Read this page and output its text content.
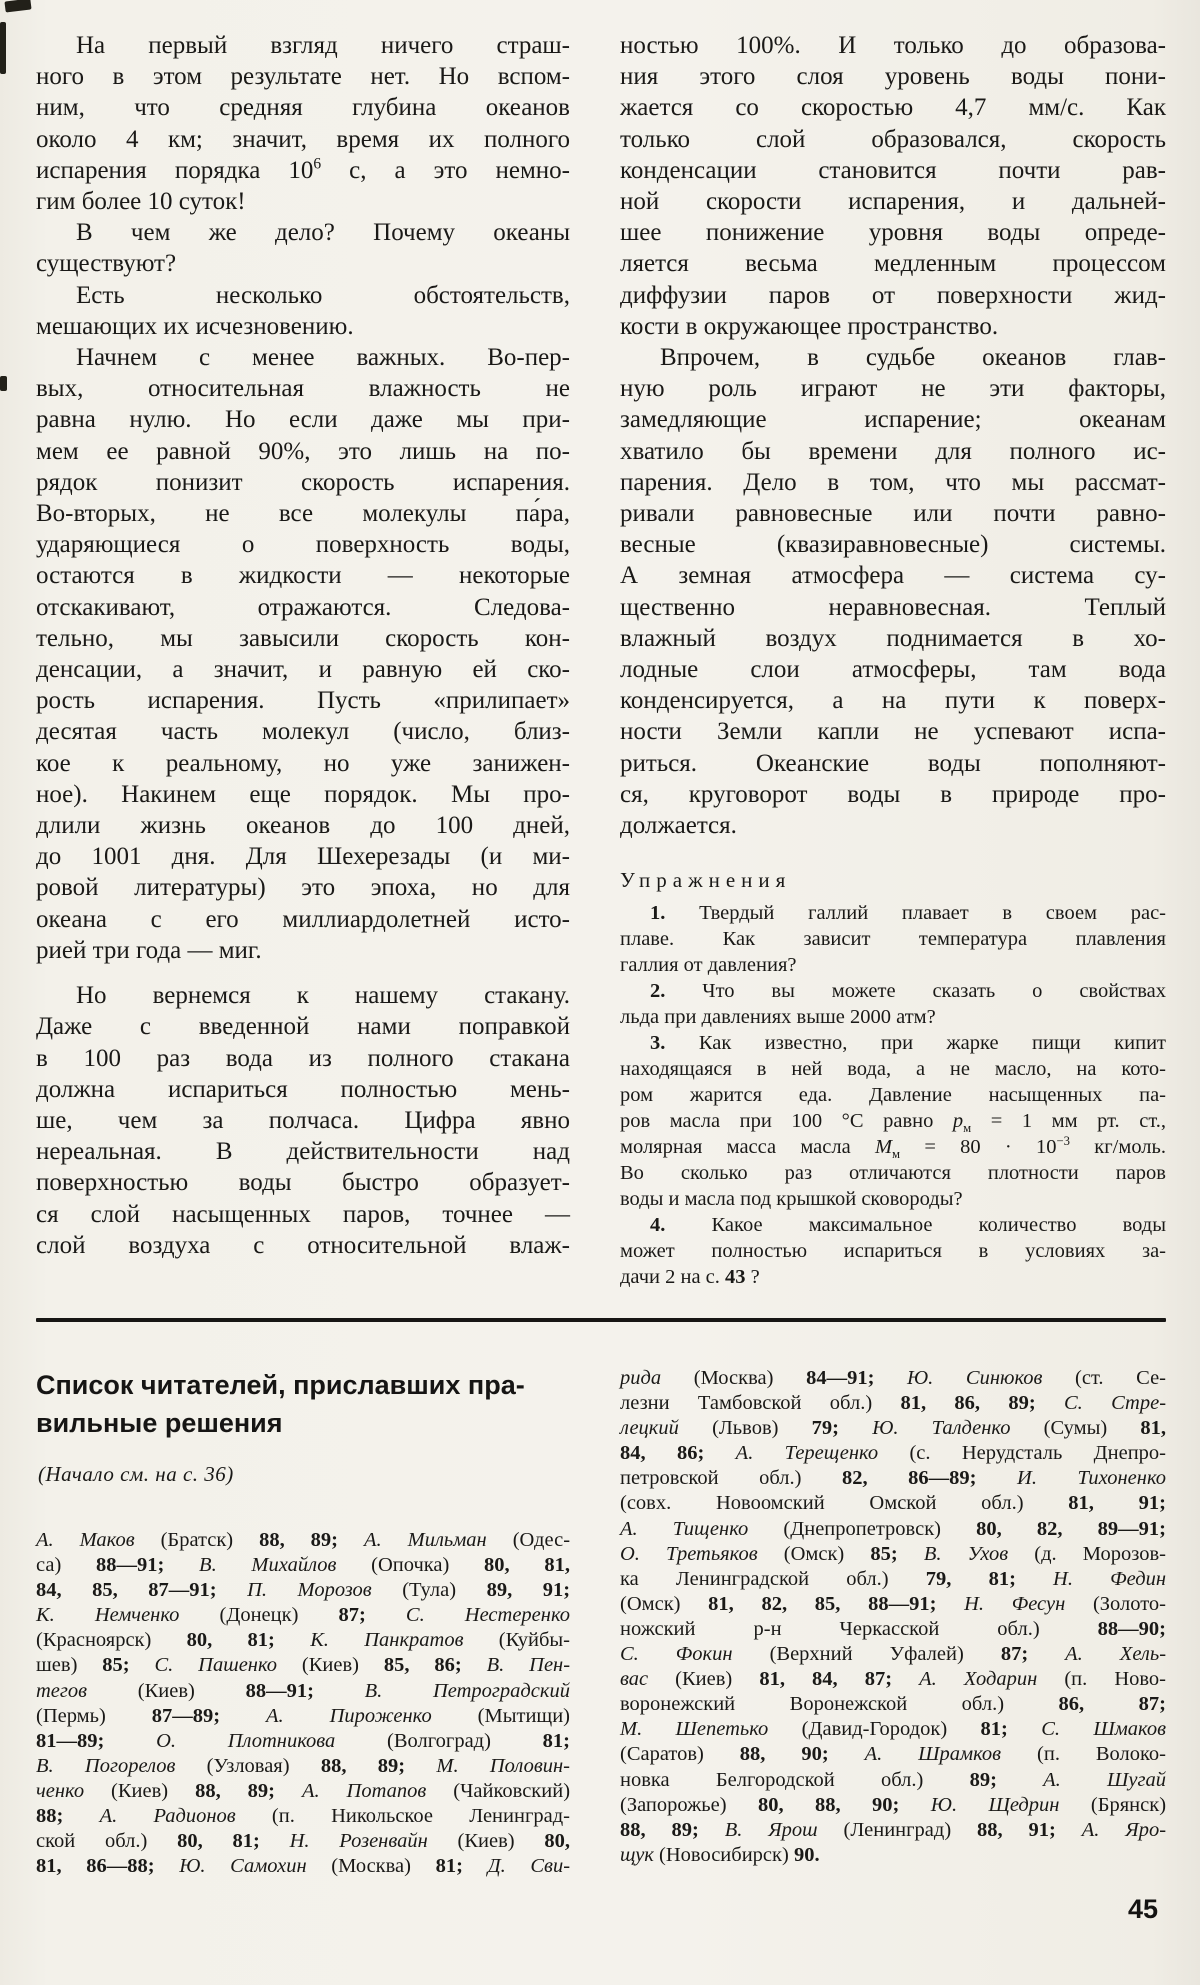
На первый взгляд ничего страш-
ного в этом результате нет. Но вспом-
ним, что средняя глубина океанов
около 4 км; значит, время их полного
испарения порядка $10^6$ с, а это немно-
гим более 10 суток!
В чем же дело? Почему океаны
существуют?
Есть несколько обстоятельств,
мешающих их исчезновению.
Начнем с менее важных. Во-пер-
вых, относительная влажность не
равна нулю. Но если даже мы при-
мем ее равной 90%, это лишь на по-
рядок понизит скорость испарения.
Во-вторых, не все молекулы па́ра,
ударяющиеся о поверхность воды,
остаются в жидкости — некоторые
отскакивают, отражаются. Следова-
тельно, мы завысили скорость кон-
денсации, а значит, и равную ей ско-
рость испарения. Пусть «прилипает»
десятая часть молекул (число, близ-
кое к реальному, но уже занижен-
ное). Накинем еще порядок. Мы про-
длили жизнь океанов до 100 дней,
до 1001 дня. Для Шехерезады (и ми-
ровой литературы) это эпоха, но для
океана с его миллиардолетней исто-
рией три года — миг.
Но вернемся к нашему стакану.
Даже с введенной нами поправкой
в 100 раз вода из полного стакана
должна испариться полностью мень-
ше, чем за полчаса. Цифра явно
нереальная. В действительности над
поверхностью воды быстро образует-
ся слой насыщенных паров, точнее —
слой воздуха с относительной влаж-
ностью 100%. И только до образова-
ния этого слоя уровень воды пони-
жается со скоростью 4,7 мм/с. Как
только слой образовался, скорость
конденсации становится почти рав-
ной скорости испарения, и дальней-
шее понижение уровня воды опреде-
ляется весьма медленным процессом
диффузии паров от поверхности жид-
кости в окружающее пространство.
Впрочем, в судьбе океанов глав-
ную роль играют не эти факторы,
замедляющие испарение; океанам
хватило бы времени для полного ис-
парения. Дело в том, что мы рассмат-
ривали равновесные или почти равно-
весные (квазиравновесные) системы.
А земная атмосфера — система су-
щественно неравновесная. Теплый
влажный воздух поднимается в хо-
лодные слои атмосферы, там вода
конденсируется, а на пути к поверх-
ности Земли капли не успевают испа-
риться. Океанские воды пополняют-
ся, круговорот воды в природе про-
должается.
Упражнения
1. Твердый галлий плавает в своем рас-
плаве. Как зависит температура плавления
галлия от давления?
2. Что вы можете сказать о свойствах
льда при давлениях выше 2000 атм?
3. Как известно, при жарке пищи кипит
находящаяся в ней вода, а не масло, на кото-
ром жарится еда. Давление насыщенных па-
ров масла при 100 °С равно $p_м = 1$ мм рт. ст.,
молярная масса масла $M_м = 80 \cdot 10^{-3}$ кг/моль.
Во сколько раз отличаются плотности паров
воды и масла под крышкой сковороды?
4. Какое максимальное количество воды
может полностью испариться в условиях за-
дачи 2 на с. 43 ?
Список читателей, приславших пра-
вильные решения
(Начало см. на с. 36)
А. Маков (Братск) 88, 89; А. Мильман (Одес-
са) 88—91; В. Михайлов (Опочка) 80, 81,
84, 85, 87—91; П. Морозов (Тула) 89, 91;
К. Немченко (Донецк) 87; С. Нестеренко
(Красноярск) 80, 81; К. Панкратов (Куйбы-
шев) 85; С. Пашенко (Киев) 85, 86; В. Пен-
тегов (Киев) 88—91; В. Петроградский
(Пермь) 87—89; А. Пироженко (Мытищи)
81—89;	О. Плотникова (Волгоград) 81;
В. Погорелов (Узловая) 88, 89; М. Половин-
ченко (Киев) 88, 89; А. Потапов (Чайковский)
88; А. Радионов (п. Никольское Ленинград-
ской обл.) 80, 81; Н. Розенвайн (Киев) 80,
81, 86—88; Ю. Самохин (Москва) 81; Д. Сви-
рида (Москва) 84—91; Ю. Синюков (ст. Се-
лезни Тамбовской обл.) 81, 86, 89; С. Стре-
лецкий (Львов) 79; Ю. Талденко (Сумы) 81,
84, 86; А. Терещенко (с. Нерудсталь Днепро-
петровской обл.) 82, 86—89; И. Тихоненко
(совх. Новоомский Омской обл.) 81, 91;
А. Тищенко (Днепропетровск) 80, 82, 89—91;
О. Третьяков (Омск) 85; В. Ухов (д. Морозов-
ка Ленинградской обл.) 79, 81; Н. Федин
(Омск) 81, 82, 85, 88—91; Н. Фесун (Золото-
ножский р-н Черкасской обл.) 88—90;
С. Фокин (Верхний Уфалей) 87; А. Хель-
вас (Киев) 81, 84, 87; А. Ходарин (п. Ново-
воронежский Воронежской обл.) 86, 87;
М. Шепетько (Давид-Городок) 81; С. Шмаков
(Саратов) 88, 90; А. Шрамков (п. Волоко-
новка Белгородской обл.) 89; А. Шугай
(Запорожье) 80, 88, 90; Ю. Щедрин (Брянск)
88, 89; В. Ярош (Ленинград) 88, 91; А. Яро-
щук (Новосибирск) 90.
45
